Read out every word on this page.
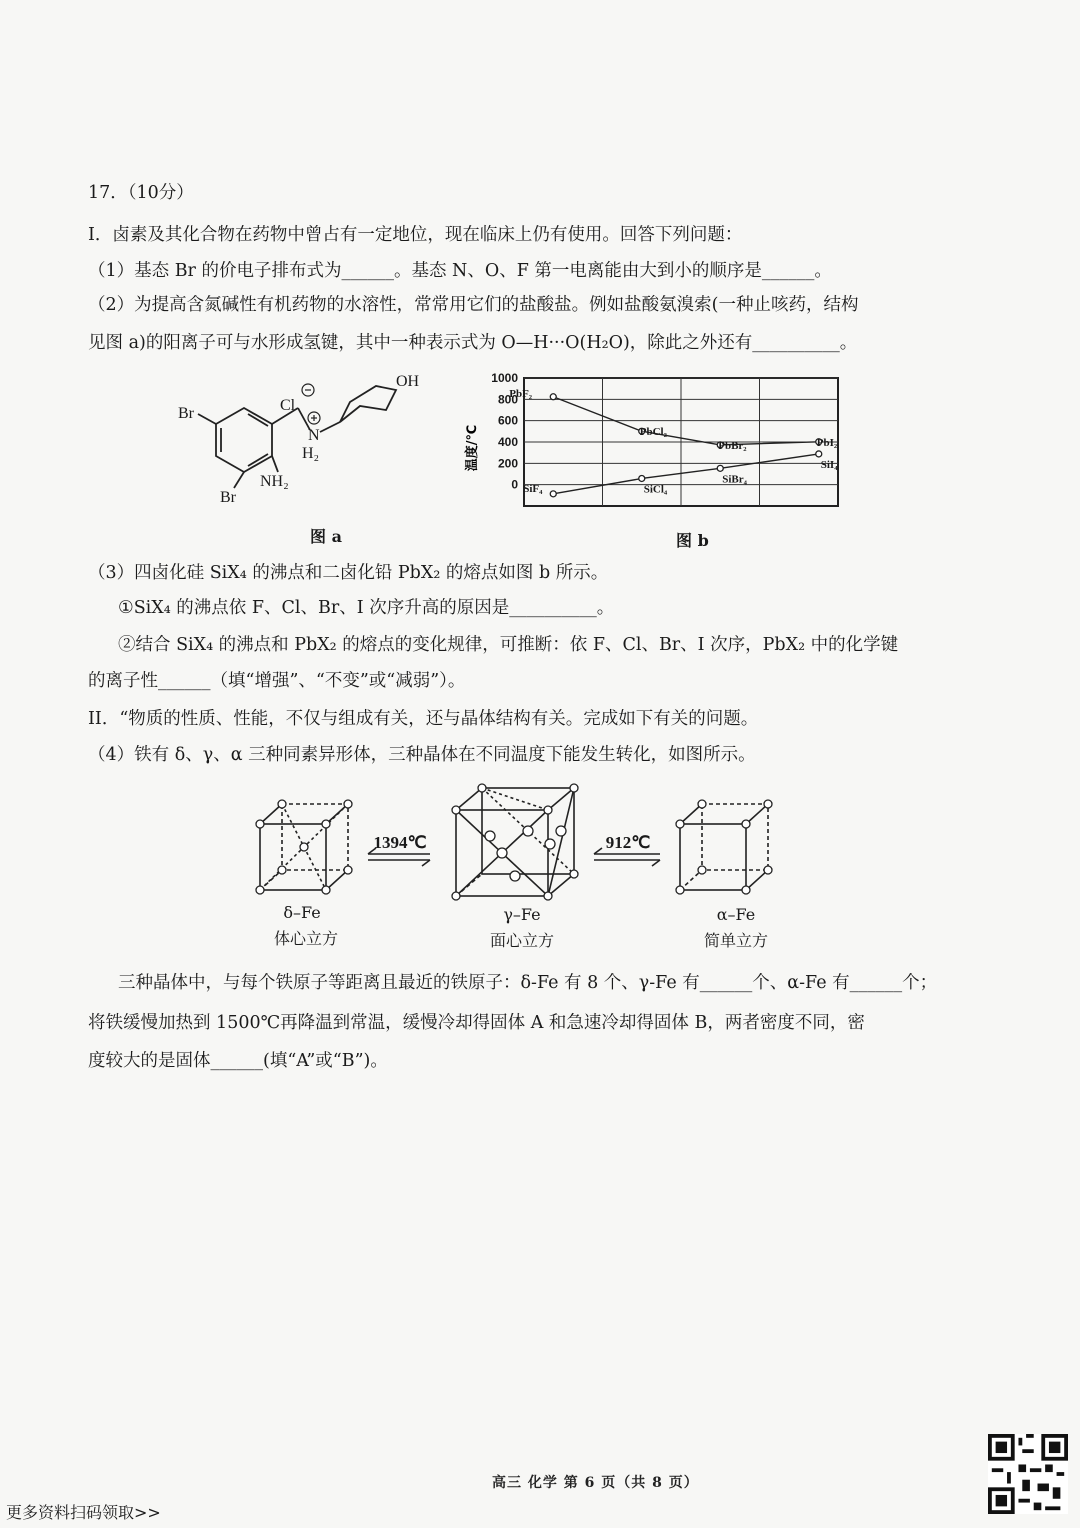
17．（10分）
I．卤素及其化合物在药物中曾占有一定地位，现在临床上仍有使用。回答下列问题：
（1）基态 Br 的价电子排布式为______。基态 N、O、F 第一电离能由大到小的顺序是______。
（2）为提高含氮碱性有机药物的水溶性，常常用它们的盐酸盐。例如盐酸氨溴索(一种止咳药，结构
见图 a)的阳离子可与水形成氢键，其中一种表示式为 O—H···O(H₂O)，除此之外还有__________。
Br
Br
NH₂
Cl
N
H₂
OH
图 a
1000
800
600
400
200
0
温度/℃
PbF₂
PbCl₂
PbBr₂	PbI₂
SiF₄	SiCl₄
SiBr₄
SiI₄
图 b
（3）四卤化硅 SiX₄ 的沸点和二卤化铅 PbX₂ 的熔点如图 b 所示。
①SiX₄ 的沸点依 F、Cl、Br、I 次序升高的原因是__________。
②结合 SiX₄ 的沸点和 PbX₂ 的熔点的变化规律，可推断：依 F、Cl、Br、I 次序，PbX₂ 中的化学键
的离子性______（填“增强”、“不变”或“减弱”）。
II．“物质的性质、性能，不仅与组成有关，还与晶体结构有关。完成如下有关的问题。
（4）铁有 δ、γ、α 三种同素异形体，三种晶体在不同温度下能发生转化，如图所示。
1394℃	912℃
δ–Fe
体心立方
γ–Fe
面心立方
α–Fe
简单立方
三种晶体中，与每个铁原子等距离且最近的铁原子：δ-Fe 有 8 个、γ-Fe 有______个、α-Fe 有______个；
将铁缓慢加热到 1500℃再降温到常温，缓慢冷却得固体 A 和急速冷却得固体 B，两者密度不同，密
度较大的是固体______(填“A”或“B”)。
高三 化学 第 6 页（共 8 页）
更多资料扫码领取>>
